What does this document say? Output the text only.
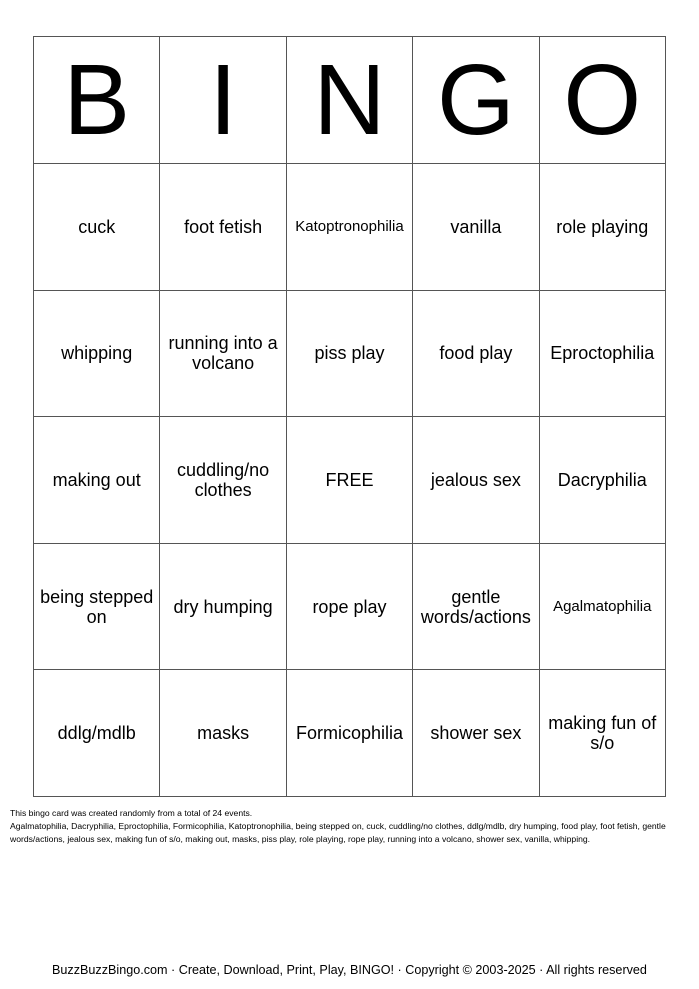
B	I	N	G	O
cuck	foot fetish	Katoptronophilia	vanilla	role playing
whipping	running into a volcano	piss play	food play	Eproctophilia
making out	cuddling/no clothes	FREE	jealous sex	Dacryphilia
being stepped on	dry humping	rope play	gentle words/actions	Agalmatophilia
ddlg/mdlb	masks	Formicophilia	shower sex	making fun of s/o
This bingo card was created randomly from a total of 24 events.
Agalmatophilia, Dacryphilia, Eproctophilia, Formicophilia, Katoptronophilia, being stepped on, cuck, cuddling/no clothes, ddlg/mdlb, dry humping, food play, foot fetish, gentle words/actions, jealous sex, making fun of s/o, making out, masks, piss play, role playing, rope play, running into a volcano, shower sex, vanilla, whipping.
BuzzBuzzBingo.com · Create, Download, Print, Play, BINGO! · Copyright © 2003-2025 · All rights reserved
